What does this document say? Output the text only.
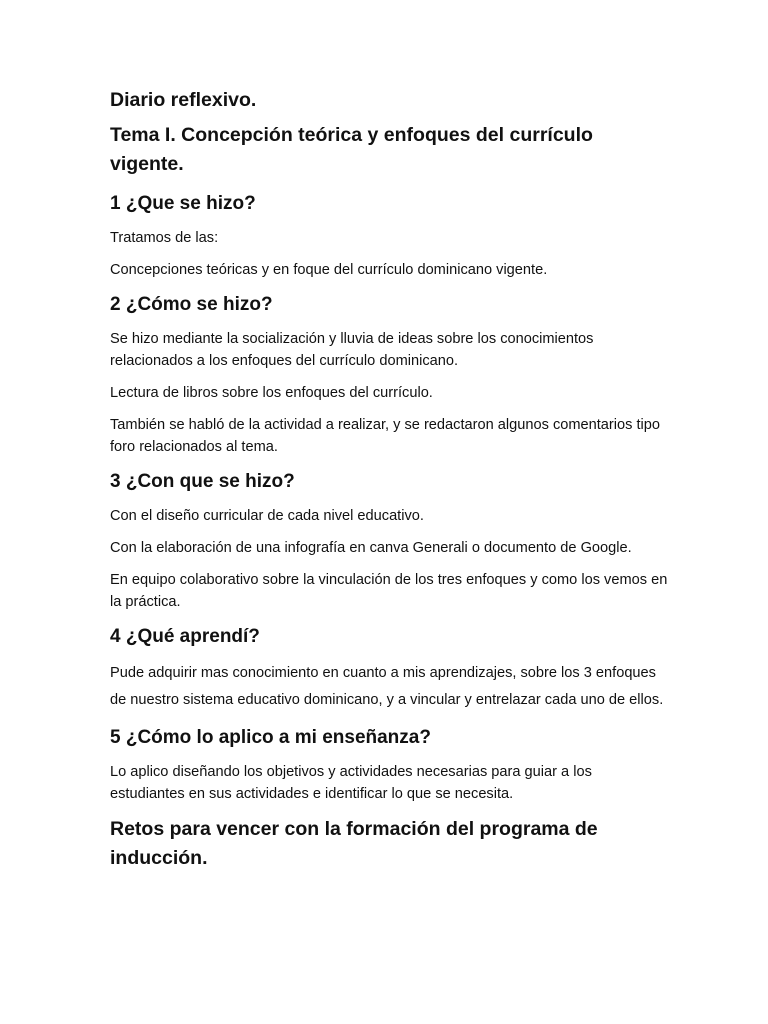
Diario reflexivo.
Tema I. Concepción teórica y enfoques del currículo vigente.
1 ¿Que se hizo?

Tratamos de las:

Concepciones teóricas y en foque del currículo dominicano vigente.

2 ¿Cómo se hizo?

Se hizo mediante la socialización y lluvia de ideas sobre los conocimientos relacionados a los enfoques del currículo dominicano.

Lectura de libros sobre los enfoques del currículo.

También se habló de la actividad a realizar, y se redactaron algunos comentarios tipo foro relacionados al tema.

3 ¿Con que se hizo?

Con el diseño curricular de cada nivel educativo.

Con la elaboración de una infografía en canva Generali o documento de Google.

En equipo colaborativo sobre la vinculación de los tres enfoques y como los vemos en la práctica.

4 ¿Qué aprendí?

Pude adquirir mas conocimiento en cuanto a mis aprendizajes, sobre los 3 enfoques de nuestro sistema educativo dominicano, y a vincular y entrelazar cada uno de ellos.

5 ¿Cómo lo aplico a mi enseñanza?

Lo aplico diseñando los objetivos y actividades necesarias para guiar a los estudiantes en sus actividades e identificar lo que se necesita.

Retos para vencer con la formación del programa de inducción.
